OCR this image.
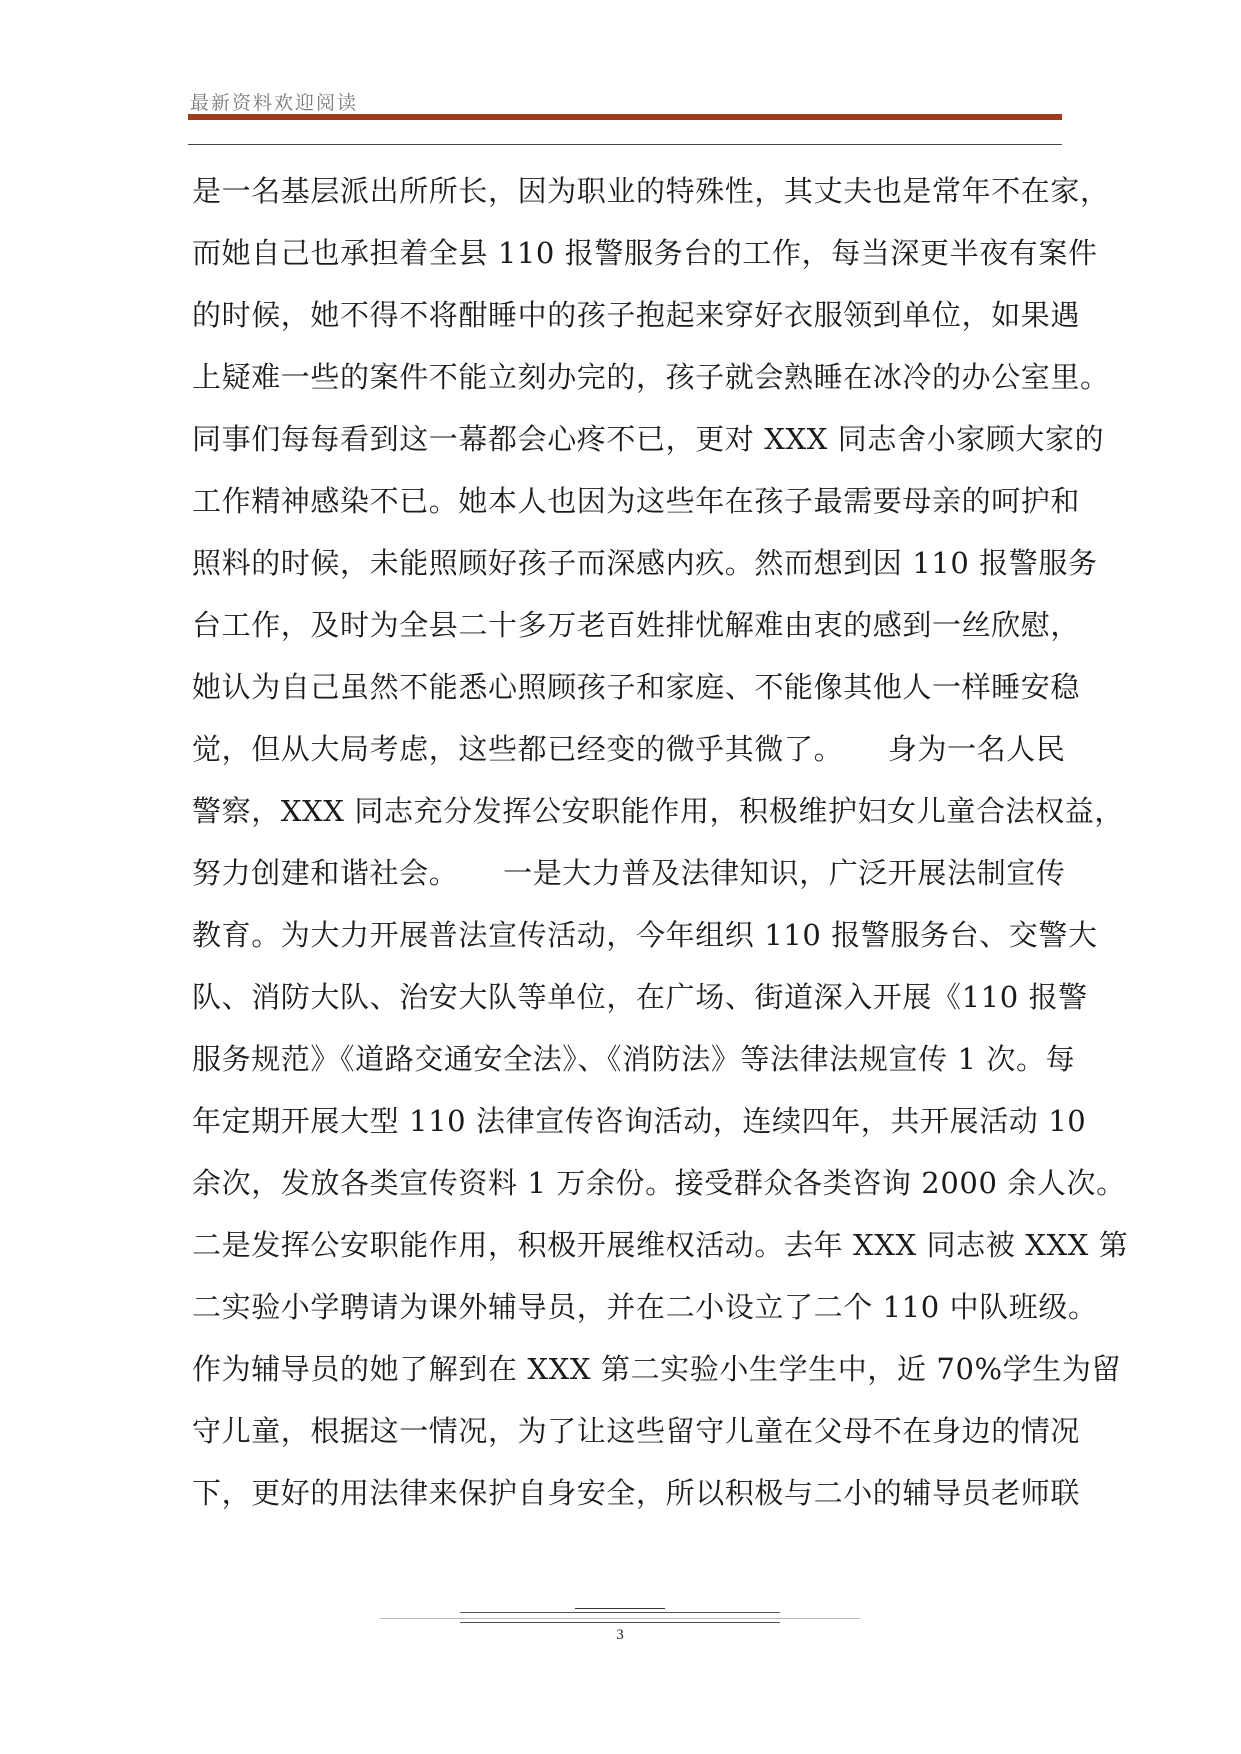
最新资料欢迎阅读
是一名基层派出所所长，因为职业的特殊性，其丈夫也是常年不在家，
而她自己也承担着全县 110 报警服务台的工作，每当深更半夜有案件
的时候，她不得不将酣睡中的孩子抱起来穿好衣服领到单位，如果遇
上疑难一些的案件不能立刻办完的，孩子就会熟睡在冰冷的办公室里。
同事们每每看到这一幕都会心疼不已，更对 XXX 同志舍小家顾大家的
工作精神感染不已。她本人也因为这些年在孩子最需要母亲的呵护和
照料的时候，未能照顾好孩子而深感内疚。然而想到因 110 报警服务
台工作，及时为全县二十多万老百姓排忧解难由衷的感到一丝欣慰，
她认为自己虽然不能悉心照顾孩子和家庭、不能像其他人一样睡安稳
觉，但从大局考虑，这些都已经变的微乎其微了。　　身为一名人民
警察，XXX 同志充分发挥公安职能作用，积极维护妇女儿童合法权益，
努力创建和谐社会。　　一是大力普及法律知识，广泛开展法制宣传
教育。为大力开展普法宣传活动，今年组织 110 报警服务台、交警大
队、消防大队、治安大队等单位，在广场、街道深入开展《110 报警
服务规范》《道路交通安全法》、《消防法》等法律法规宣传 1 次。每
年定期开展大型 110 法律宣传咨询活动，连续四年，共开展活动 10
余次，发放各类宣传资料 1 万余份。接受群众各类咨询 2000 余人次。
二是发挥公安职能作用，积极开展维权活动。去年 XXX 同志被 XXX 第
二实验小学聘请为课外辅导员，并在二小设立了二个 110 中队班级。
作为辅导员的她了解到在 XXX 第二实验小生学生中，近 70%学生为留
守儿童，根据这一情况，为了让这些留守儿童在父母不在身边的情况
下，更好的用法律来保护自身安全，所以积极与二小的辅导员老师联
3
